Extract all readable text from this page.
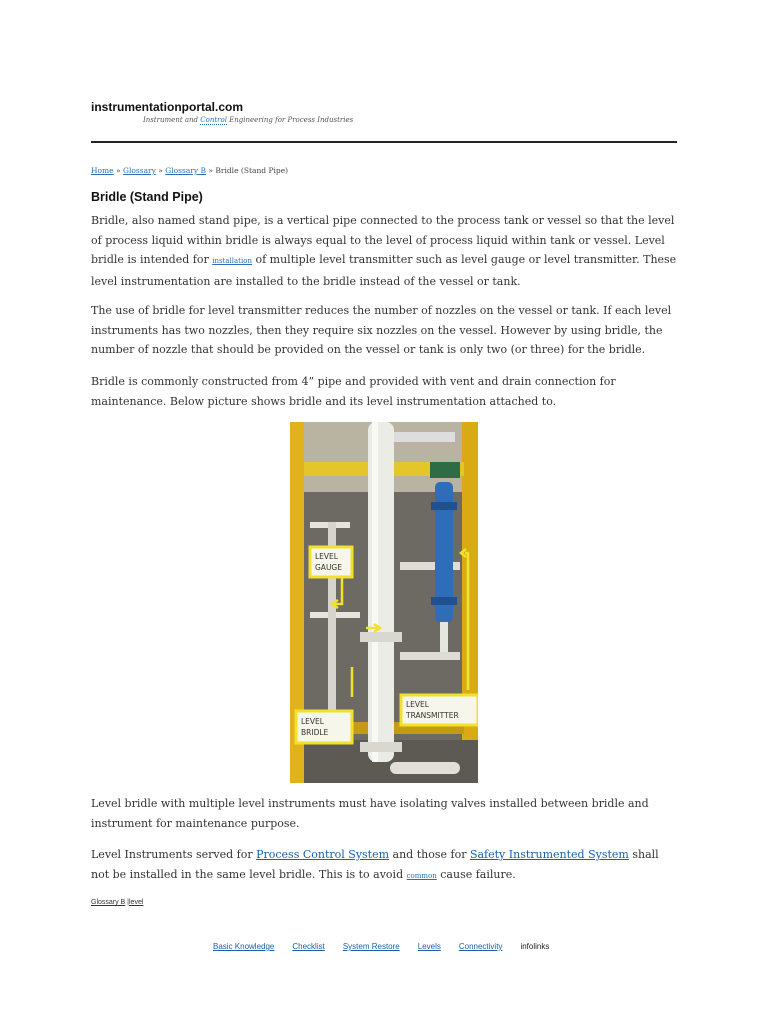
instrumentationportal.com
Instrument and Control Engineering for Process Industries
Home » Glossary » Glossary B » Bridle (Stand Pipe)
Bridle (Stand Pipe)
Bridle, also named stand pipe, is a vertical pipe connected to the process tank or vessel so that the level of process liquid within bridle is always equal to the level of process liquid within tank or vessel. Level bridle is intended for installation of multiple level transmitter such as level gauge or level transmitter. These level instrumentation are installed to the bridle instead of the vessel or tank.
The use of bridle for level transmitter reduces the number of nozzles on the vessel or tank. If each level instruments has two nozzles, then they require six nozzles on the vessel. However by using bridle, the number of nozzle that should be provided on the vessel or tank is only two (or three) for the bridle.
Bridle is commonly constructed from 4” pipe and provided with vent and drain connection for maintenance. Below picture shows bridle and its level instrumentation attached to.
LEVEL
GAUGE
LEVEL
TRANSMITTER
LEVEL
BRIDLE
Level bridle with multiple level instruments must have isolating valves installed between bridle and instrument for maintenance purpose.
Level Instruments served for Process Control System and those for Safety Instrumented System shall not be installed in the same level bridle. This is to avoid common cause failure.
Glossary B |level
Basic Knowledge Checklist System Restore Levels Connectivity infolinks
